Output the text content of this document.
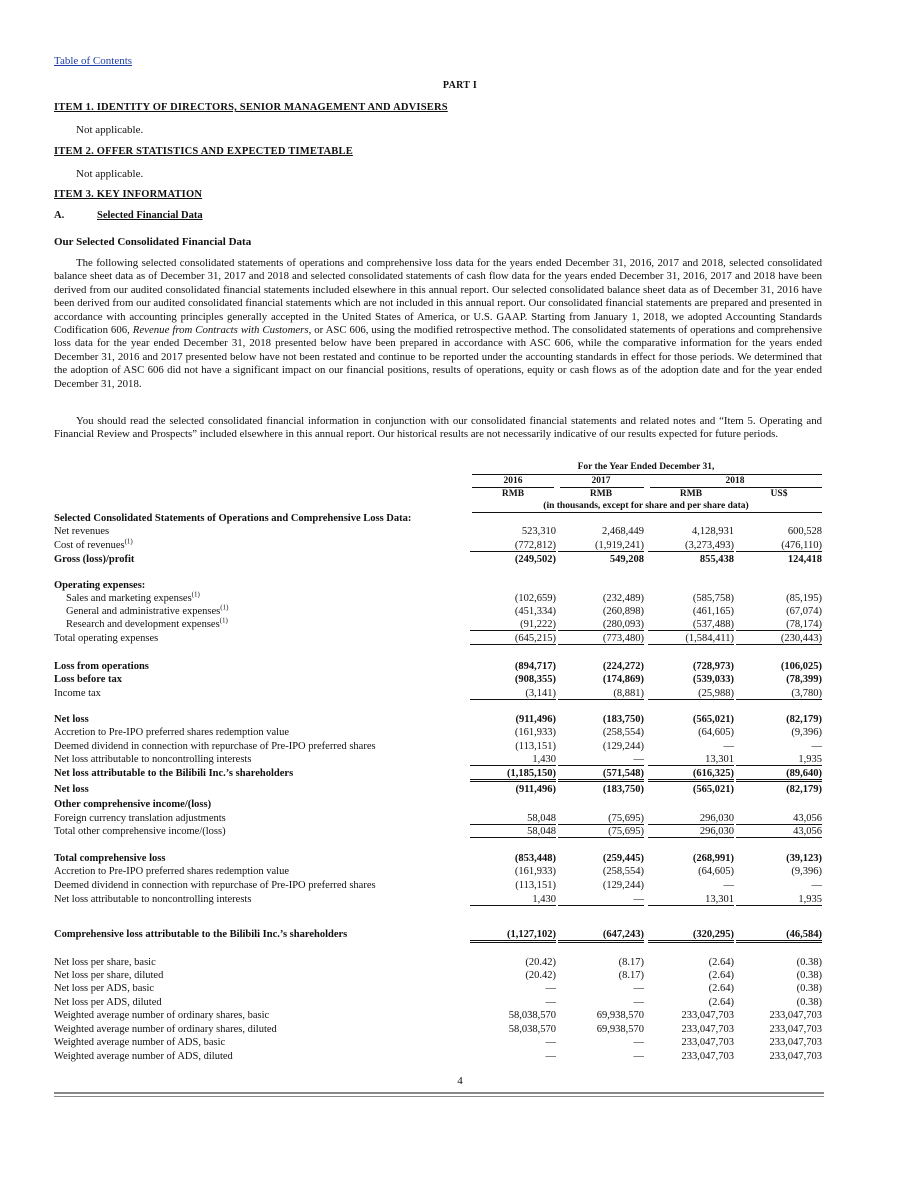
Table of Contents
PART I
ITEM 1. IDENTITY OF DIRECTORS, SENIOR MANAGEMENT AND ADVISERS
Not applicable.
ITEM 2. OFFER STATISTICS AND EXPECTED TIMETABLE
Not applicable.
ITEM 3. KEY INFORMATION
A.	Selected Financial Data
Our Selected Consolidated Financial Data
The following selected consolidated statements of operations and comprehensive loss data for the years ended December 31, 2016, 2017 and 2018, selected consolidated balance sheet data as of December 31, 2017 and 2018 and selected consolidated statements of cash flow data for the years ended December 31, 2016, 2017 and 2018 have been derived from our audited consolidated financial statements included elsewhere in this annual report. Our selected consolidated balance sheet data as of December 31, 2016 have been derived from our audited consolidated financial statements which are not included in this annual report. Our consolidated financial statements are prepared and presented in accordance with accounting principles generally accepted in the United States of America, or U.S. GAAP. Starting from January 1, 2018, we adopted Accounting Standards Codification 606, Revenue from Contracts with Customers, or ASC 606, using the modified retrospective method. The consolidated statements of operations and comprehensive loss data for the year ended December 31, 2018 presented below have been prepared in accordance with ASC 606, while the comparative information for the years ended December 31, 2016 and 2017 presented below have not been restated and continue to be reported under the accounting standards in effect for those periods. We determined that the adoption of ASC 606 did not have a significant impact on our financial positions, results of operations, equity or cash flows as of the adoption date and for the year ended December 31, 2018.
You should read the selected consolidated financial information in conjunction with our consolidated financial statements and related notes and “Item 5. Operating and Financial Review and Prospects” included elsewhere in this annual report. Our historical results are not necessarily indicative of our results expected for future periods.
For the Year Ended December 31,
2016	2017	2018
RMB	RMB	RMB	US$
(in thousands, except for share and per share data)
Selected Consolidated Statements of Operations and Comprehensive Loss Data:
Net revenues	523,310	2,468,449	4,128,931	600,528
Cost of revenues$^{(1)}$	(772,812)	(1,919,241)	(3,273,493)	(476,110)
Gross (loss)/profit	(249,502)	549,208	855,438	124,418
Operating expenses:
Sales and marketing expenses$^{(1)}$	(102,659)	(232,489)	(585,758)	(85,195)
General and administrative expenses$^{(1)}$	(451,334)	(260,898)	(461,165)	(67,074)
Research and development expenses$^{(1)}$	(91,222)	(280,093)	(537,488)	(78,174)
Total operating expenses	(645,215)	(773,480)	(1,584,411)	(230,443)
Loss from operations	(894,717)	(224,272)	(728,973)	(106,025)
Loss before tax	(908,355)	(174,869)	(539,033)	(78,399)
Income tax	(3,141)	(8,881)	(25,988)	(3,780)
Net loss	(911,496)	(183,750)	(565,021)	(82,179)
Accretion to Pre-IPO preferred shares redemption value	(161,933)	(258,554)	(64,605)	(9,396)
Deemed dividend in connection with repurchase of Pre-IPO preferred shares	(113,151)	(129,244)	—	—
Net loss attributable to noncontrolling interests	1,430	—	13,301	1,935
Net loss attributable to the Bilibili Inc.’s shareholders	(1,185,150)	(571,548)	(616,325)	(89,640)
Net loss	(911,496)	(183,750)	(565,021)	(82,179)
Other comprehensive income/(loss)
Foreign currency translation adjustments	58,048	(75,695)	296,030	43,056
Total other comprehensive income/(loss)	58,048	(75,695)	296,030	43,056
Total comprehensive loss	(853,448)	(259,445)	(268,991)	(39,123)
Accretion to Pre-IPO preferred shares redemption value	(161,933)	(258,554)	(64,605)	(9,396)
Deemed dividend in connection with repurchase of Pre-IPO preferred shares	(113,151)	(129,244)	—	—
Net loss attributable to noncontrolling interests	1,430	—	13,301	1,935
Comprehensive loss attributable to the Bilibili Inc.’s shareholders	(1,127,102)	(647,243)	(320,295)	(46,584)
Net loss per share, basic	(20.42)	(8.17)	(2.64)	(0.38)
Net loss per share, diluted	(20.42)	(8.17)	(2.64)	(0.38)
Net loss per ADS, basic	—	—	(2.64)	(0.38)
Net loss per ADS, diluted	—	—	(2.64)	(0.38)
Weighted average number of ordinary shares, basic	58,038,570	69,938,570	233,047,703	233,047,703
Weighted average number of ordinary shares, diluted	58,038,570	69,938,570	233,047,703	233,047,703
Weighted average number of ADS, basic	—	—	233,047,703	233,047,703
Weighted average number of ADS, diluted	—	—	233,047,703	233,047,703
4
